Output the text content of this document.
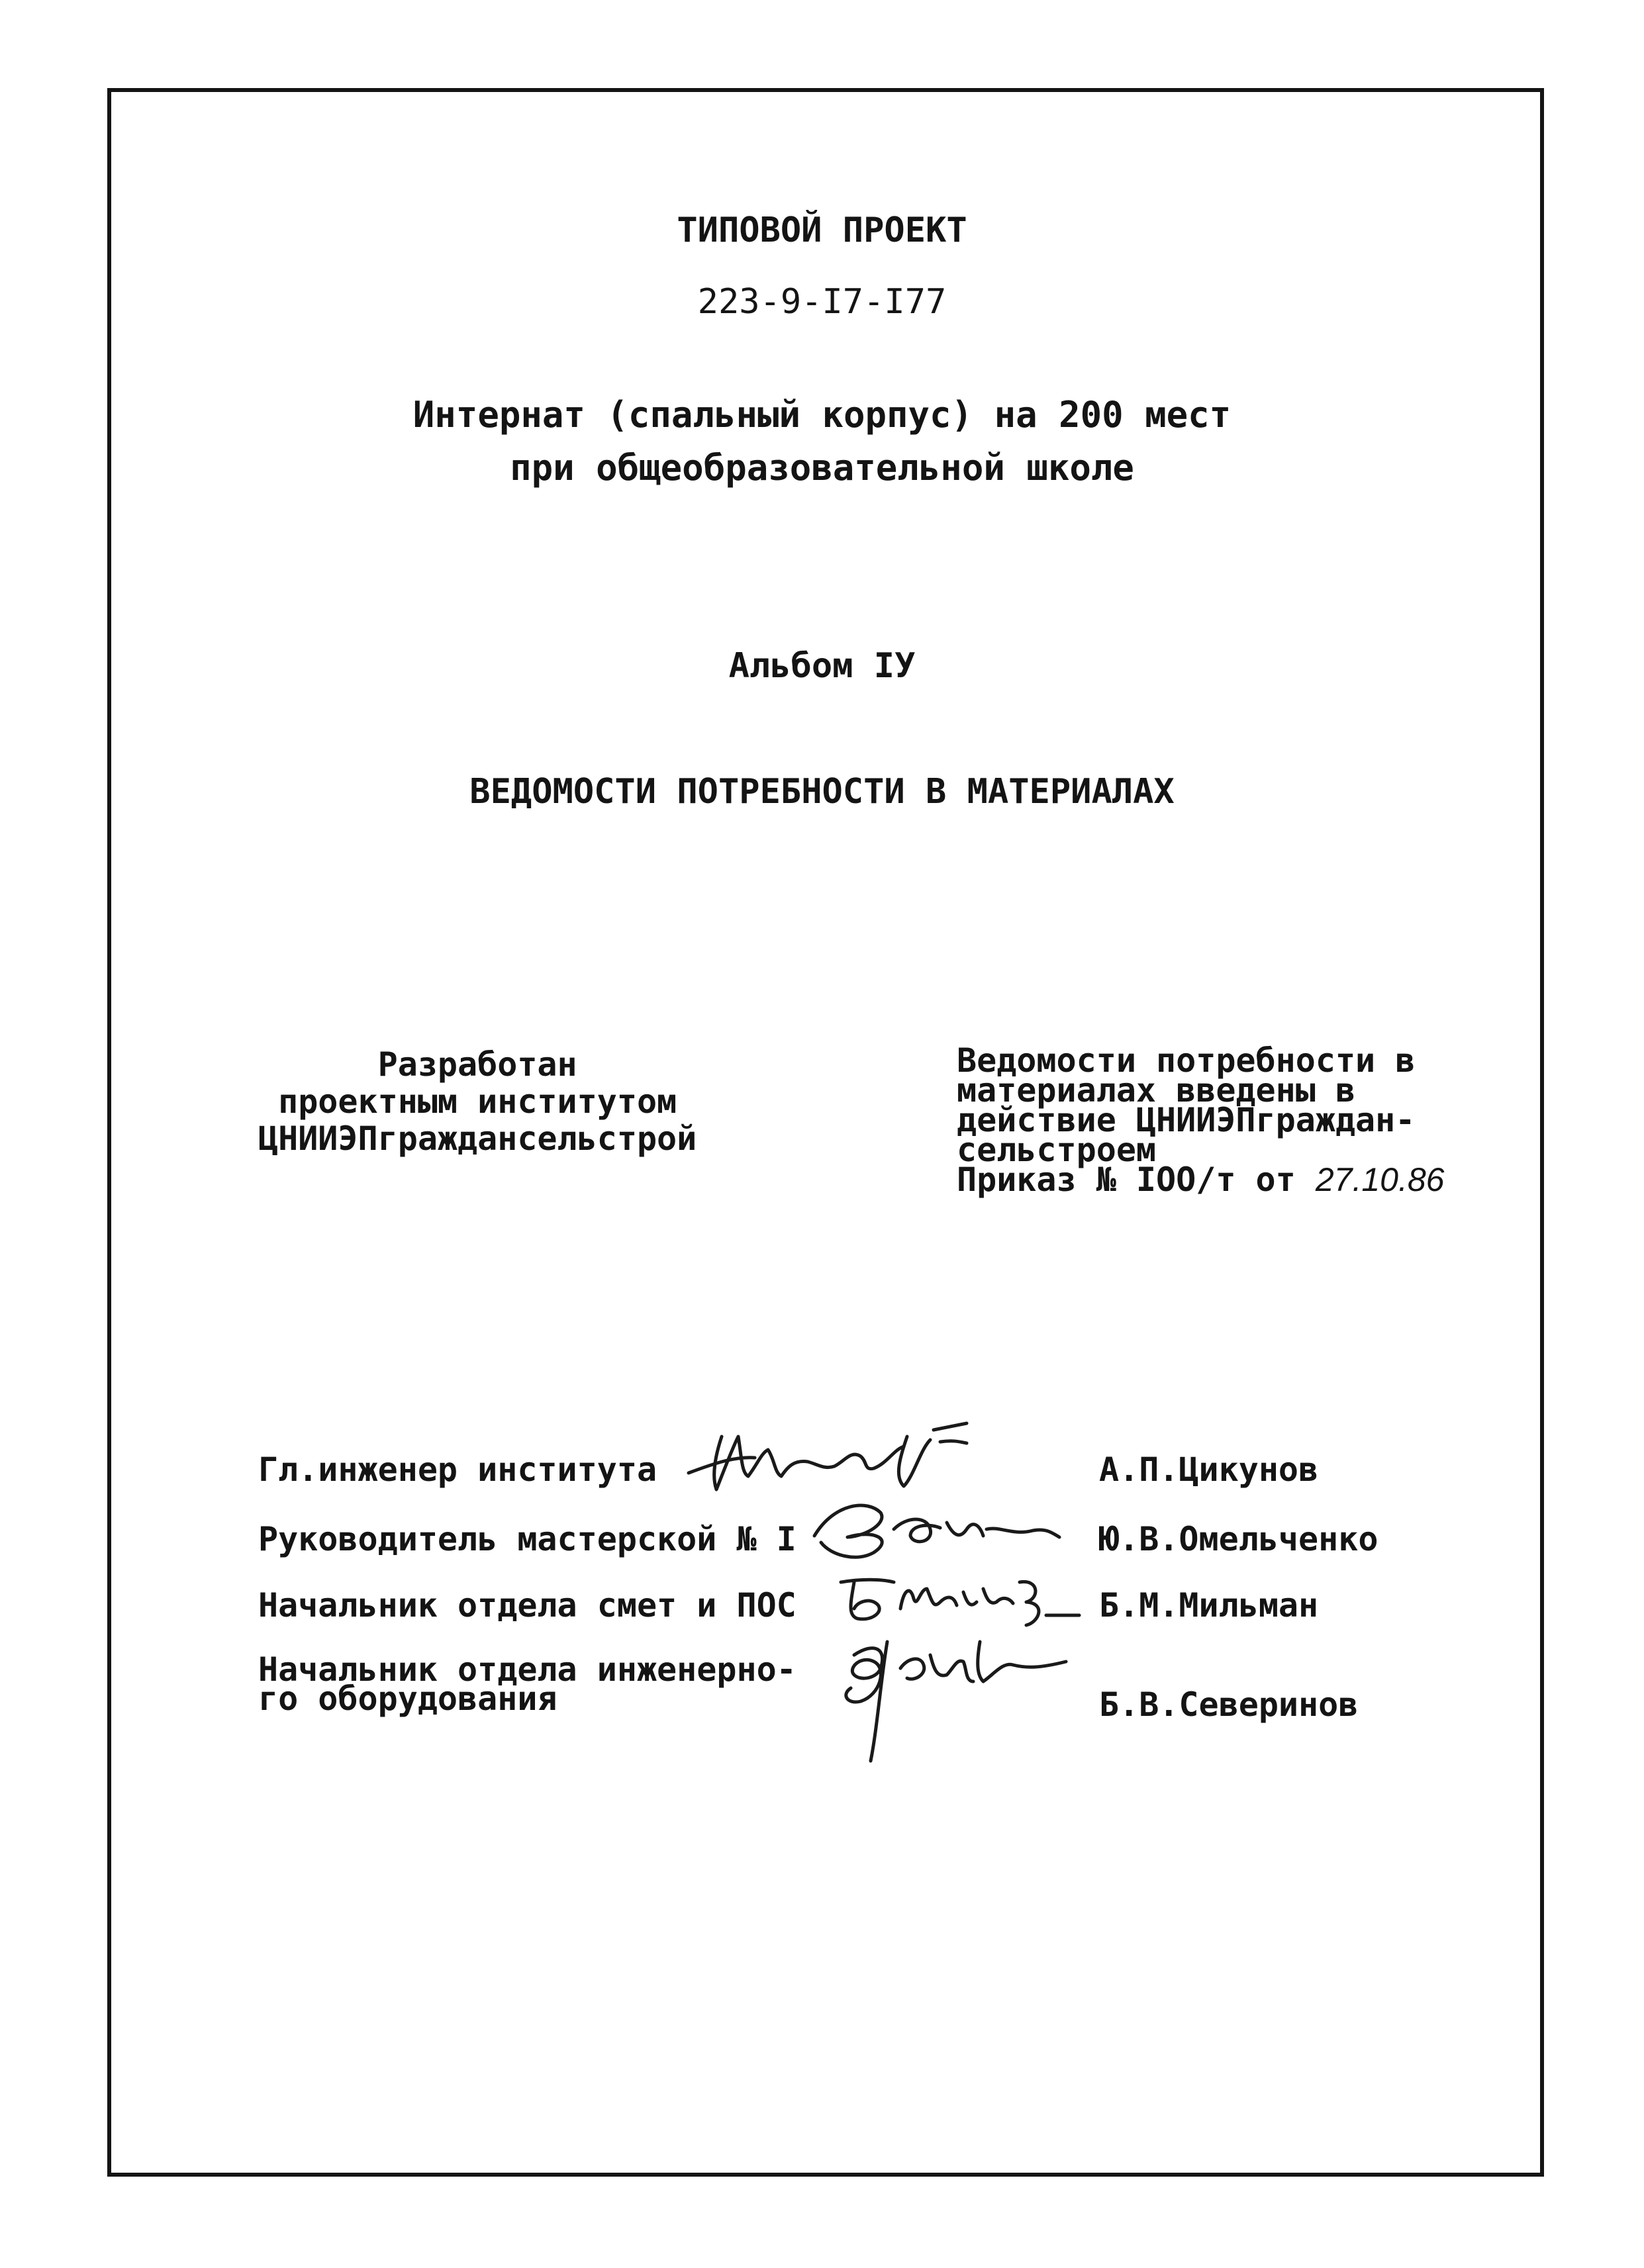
ТИПОВОЙ ПРОЕКТ
223-9-I7-I77
Интернат (спальный корпус) на 200 мест
при общеобразовательной школе
Альбом IУ
ВЕДОМОСТИ ПОТРЕБНОСТИ В МАТЕРИАЛАХ
Разработан
проектным институтом
ЦНИИЭПграждансельстрой
Ведомости потребности в
материалах введены в
действие ЦНИИЭПграждан-
сельстроем
Приказ № IOO/т от 27.10.86
Гл.инженер института	А.П.Цикунов
Руководитель мастерской № I	Ю.В.Омельченко
Начальник отдела смет и ПОС	Б.М.Мильман
Начальник отдела инженерно-
го оборудования	Б.В.Северинов
